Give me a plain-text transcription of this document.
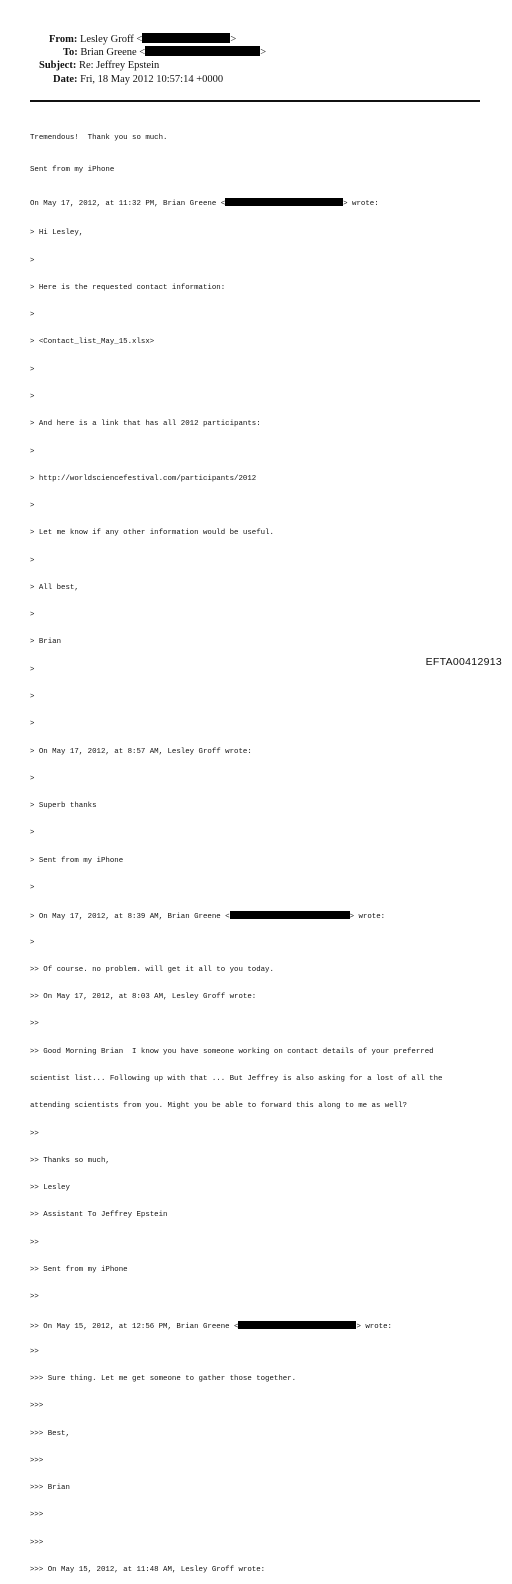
From: Lesley Groff <	>
To: Brian Greene <	>
Subject: Re: Jeffrey Epstein
Date: Fri, 18 May 2012 10:57:14 +0000

Tremendous!  Thank you so much.

Sent from my iPhone

On May 17, 2012, at 11:32 PM, Brian Greene <	> wrote:

> Hi Lesley,

>

> Here is the requested contact information:

>

> <Contact_list_May_15.xlsx>

>

>

> And here is a link that has all 2012 participants:

>

> http://worldsciencefestival.com/participants/2012

>

> Let me know if any other information would be useful.

>

> All best,

>

> Brian

>

>

>

> On May 17, 2012, at 8:57 AM, Lesley Groff wrote:

>

> Superb thanks

>

> Sent from my iPhone

>

> On May 17, 2012, at 8:39 AM, Brian Greene <	> wrote:

>

>> Of course. no problem. will get it all to you today.

>> On May 17, 2012, at 8:03 AM, Lesley Groff wrote:

>>

>> Good Morning Brian  I know you have someone working on contact details of your preferred

scientist list... Following up with that ... But Jeffrey is also asking for a lost of all the

attending scientists from you. Might you be able to forward this along to me as well?

>>

>> Thanks so much,

>> Lesley

>> Assistant To Jeffrey Epstein

>>

>> Sent from my iPhone

>>

>> On May 15, 2012, at 12:56 PM, Brian Greene <	> wrote:

>>

>>> Sure thing. Let me get someone to gather those together.

>>>

>>> Best,

>>>

>>> Brian

>>>

>>>

>>> On May 15, 2012, at 11:48 AM, Lesley Groff wrote:

EFTA00412913
